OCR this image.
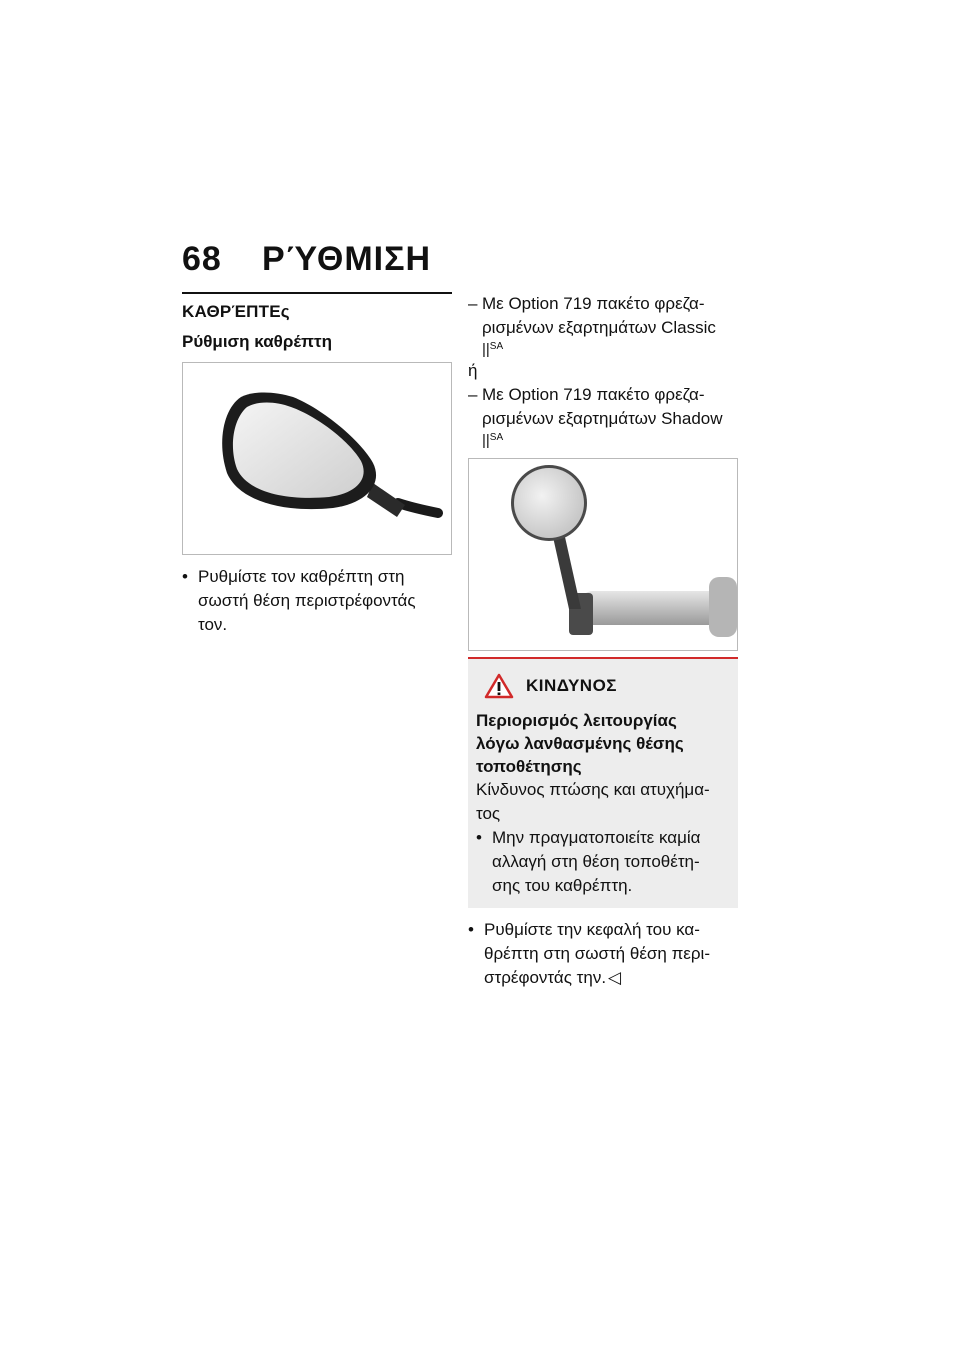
68 ΡΎΘΜΙΣΗ
ΚΑΘΡΈΠΤΕς
Ρύθμιση καθρέπτη
• Ρυθμίστε τον καθρέπτη στη
σωστή θέση περιστρέφοντάς
τον.
– Με Option 719 πακέτο φρεζα-
ρισμένων εξαρτημάτων Classic
$||^{SA}$
ή
– Με Option 719 πακέτο φρεζα-
ρισμένων εξαρτημάτων Shadow
$||^{SA}$
ΚΙΝΔΥΝΟΣ
Περιορισμός λειτουργίας
λόγω λανθασμένης θέσης
τοποθέτησης
Κίνδυνος πτώσης και ατυχήμα-
τος
• Μην πραγματοποιείτε καμία
αλλαγή στη θέση τοποθέτη-
σης του καθρέπτη.
• Ρυθμίστε την κεφαλή του κα-
θρέπτη στη σωστή θέση περι-
στρέφοντάς την. ◁
